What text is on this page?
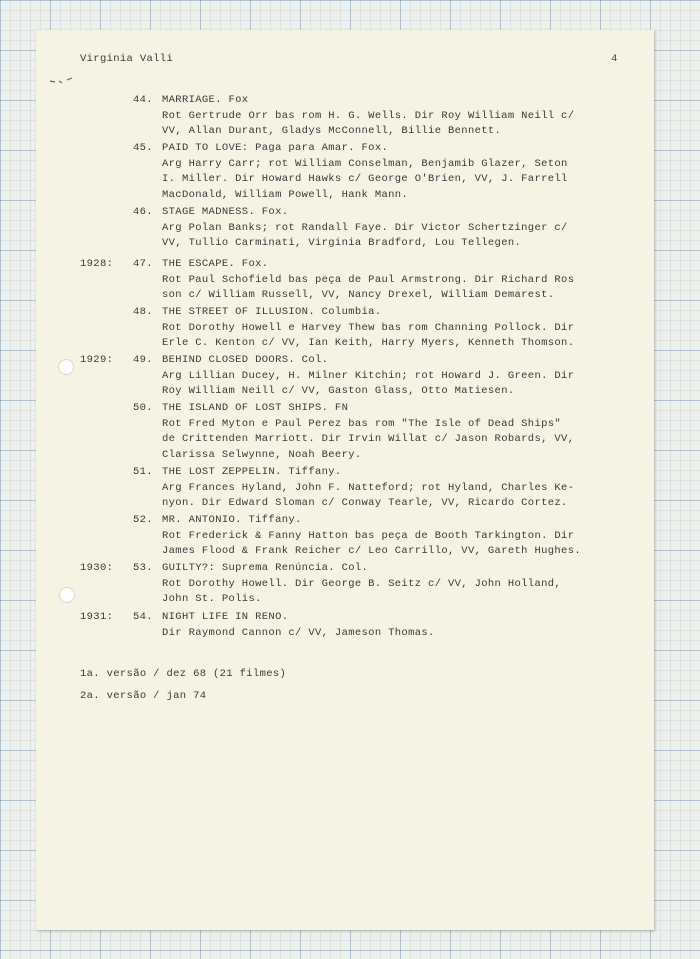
Virginia Valli	4
44. MARRIAGE. Fox
Rot Gertrude Orr bas rom H. G. Wells. Dir Roy William Neill c/
VV, Allan Durant, Gladys McConnell, Billie Bennett.
45. PAID TO LOVE: Paga para Amar. Fox.
Arg Harry Carr; rot William Conselman, Benjamib Glazer, Seton
I. Miller. Dir Howard Hawks c/ George O'Brien, VV, J. Farrell
MacDonald, William Powell, Hank Mann.
46. STAGE MADNESS. Fox.
Arg Polan Banks; rot Randall Faye. Dir Victor Schertzinger c/
VV, Tullio Carminati, Virginia Bradford, Lou Tellegen.
1928: 47. THE ESCAPE. Fox.
Rot Paul Schofield bas peça de Paul Armstrong. Dir Richard Ros
son c/ William Russell, VV, Nancy Drexel, William Demarest.
48. THE STREET OF ILLUSION. Columbia.
Rot Dorothy Howell e Harvey Thew bas rom Channing Pollock. Dir
Erle C. Kenton c/ VV, Ian Keith, Harry Myers, Kenneth Thomson.
1929: 49. BEHIND CLOSED DOORS. Col.
Arg Lillian Ducey, H. Milner Kitchin; rot Howard J. Green. Dir
Roy William Neill c/ VV, Gaston Glass, Otto Matiesen.
50. THE ISLAND OF LOST SHIPS. FN
Rot Fred Myton e Paul Perez bas rom "The Isle of Dead Ships"
de Crittenden Marriott. Dir Irvin Willat c/ Jason Robards, VV,
Clarissa Selwynne, Noah Beery.
51. THE LOST ZEPPELIN. Tiffany.
Arg Frances Hyland, John F. Natteford; rot Hyland, Charles Ke-
nyon. Dir Edward Sloman c/ Conway Tearle, VV, Ricardo Cortez.
52. MR. ANTONIO. Tiffany.
Rot Frederick & Fanny Hatton bas peça de Booth Tarkington. Dir
James Flood & Frank Reicher c/ Leo Carrillo, VV, Gareth Hughes.
1930: 53. GUILTY?: Suprema Renúncia. Col.
Rot Dorothy Howell. Dir George B. Seitz c/ VV, John Holland,
John St. Polis.
1931: 54. NIGHT LIFE IN RENO.
Dir Raymond Cannon c/ VV, Jameson Thomas.
1a. versão / dez 68 (21 filmes)
2a. versão / jan 74
